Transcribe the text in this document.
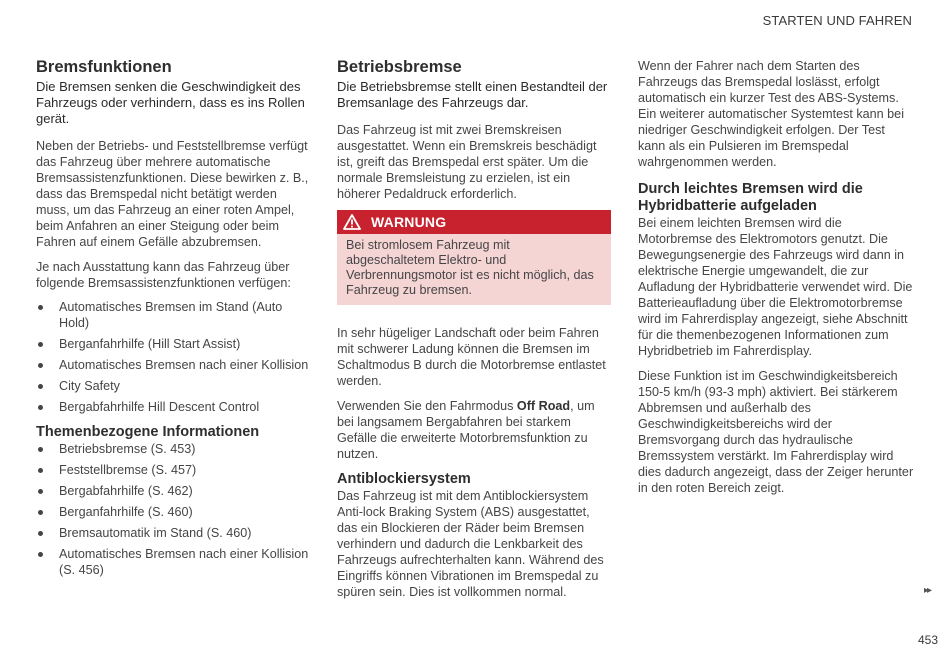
STARTEN UND FAHREN
Bremsfunktionen
Die Bremsen senken die Geschwindigkeit des Fahrzeugs oder verhindern, dass es ins Rollen gerät.

Neben der Betriebs- und Feststellbremse verfügt das Fahrzeug über mehrere automatische Bremsassistenzfunktionen. Diese bewirken z. B., dass das Bremspedal nicht betätigt werden muss, um das Fahrzeug an einer roten Ampel, beim Anfahren an einer Steigung oder beim Fahren auf einem Gefälle abzubremsen.

Je nach Ausstattung kann das Fahrzeug über folgende Bremsassistenzfunktionen verfügen:

Automatisches Bremsen im Stand (Auto Hold)
Berganfahrhilfe (Hill Start Assist)
Automatisches Bremsen nach einer Kollision
City Safety
Bergabfahrhilfe Hill Descent Control
Themenbezogene Informationen
Betriebsbremse (S. 453)
Feststellbremse (S. 457)
Bergabfahrhilfe (S. 462)
Berganfahrhilfe (S. 460)
Bremsautomatik im Stand (S. 460)
Automatisches Bremsen nach einer Kollision (S. 456)
Betriebsbremse
Die Betriebsbremse stellt einen Bestandteil der Bremsanlage des Fahrzeugs dar.

Das Fahrzeug ist mit zwei Bremskreisen ausgestattet. Wenn ein Bremskreis beschädigt ist, greift das Bremspedal erst später. Um die normale Bremsleistung zu erzielen, ist ein höherer Pedaldruck erforderlich.

WARNUNG
Bei stromlosem Fahrzeug mit abgeschaltetem Elektro- und Verbrennungsmotor ist es nicht möglich, das Fahrzeug zu bremsen.

In sehr hügeliger Landschaft oder beim Fahren mit schwerer Ladung können die Bremsen im Schaltmodus B durch die Motorbremse entlastet werden.

Verwenden Sie den Fahrmodus Off Road, um bei langsamem Bergabfahren bei starkem Gefälle die erweiterte Motorbremsfunktion zu nutzen.

Antiblockiersystem

Das Fahrzeug ist mit dem Antiblockiersystem Anti-lock Braking System (ABS) ausgestattet, das ein Blockieren der Räder beim Bremsen verhindern und dadurch die Lenkbarkeit des Fahrzeugs aufrechterhalten kann. Während des Eingriffs können Vibrationen im Bremspedal zu spüren sein. Dies ist vollkommen normal.

Wenn der Fahrer nach dem Starten des Fahrzeugs das Bremspedal loslässt, erfolgt automatisch ein kurzer Test des ABS-Systems. Ein weiterer automatischer Systemtest kann bei niedriger Geschwindigkeit erfolgen. Der Test kann als ein Pulsieren im Bremspedal wahrgenommen werden.

Durch leichtes Bremsen wird die Hybridbatterie aufgeladen

Bei einem leichten Bremsen wird die Motorbremse des Elektromotors genutzt. Die Bewegungsenergie des Fahrzeugs wird dann in elektrische Energie umgewandelt, die zur Aufladung der Hybridbatterie verwendet wird. Die Batterieaufladung über die Elektromotorbremse wird im Fahrerdisplay angezeigt, siehe Abschnitt für die themenbezogenen Informationen zum Hybridbetrieb im Fahrerdisplay.

Diese Funktion ist im Geschwindigkeitsbereich 150-5 km/h (93-3 mph) aktiviert. Bei stärkerem Abbremsen und außerhalb des Geschwindigkeitsbereichs wird der Bremsvorgang durch das hydraulische Bremssystem verstärkt. Im Fahrerdisplay wird dies dadurch angezeigt, dass der Zeiger herunter in den roten Bereich zeigt.

▸▸
453
